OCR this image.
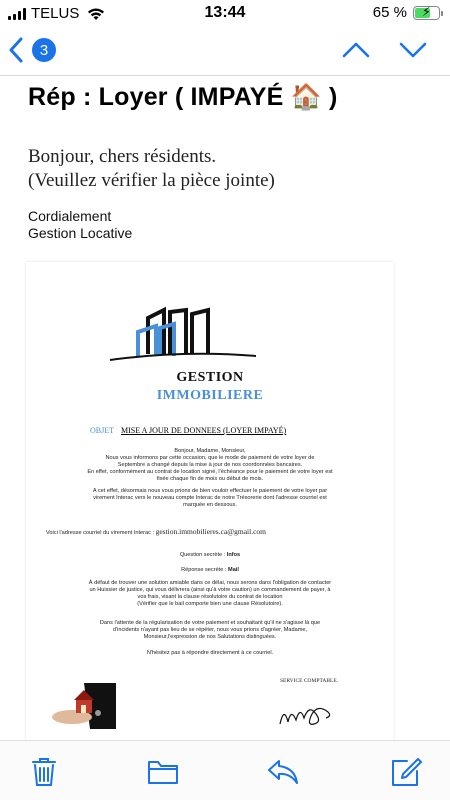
TELUS	13:44	65 %	⚡
3
Rép : Loyer ( IMPAYÉ 🏠 )
Bonjour, chers résidents.
(Veuillez vérifier la pièce jointe)
Cordialement
Gestion Locative
GESTION
IMMOBILIERE
OBJET MISE A JOUR DE DONNEES (LOYER IMPAYÉ)

Bonjour, Madame, Monsieur,

Nous vous informons par cette occasion, que le mode de paiement de votre loyer de

Septembre a changé depuis la mise à jour de nos coordonnées bancaires.

En effet, conformément au contrat de location signé, l'échéance pour le paiement de votre loyer est

fixée chaque fin de mois ou début de mois.

A cet effet, désormais nous vous prions de bien vouloir effectuer le paiement de votre loyer par

virement Interac vers le nouveau compte Interac de notre Trésorerie dont l'adresse courriel est

marquée en dessous.

Voici l'adresse courriel du virement Interac : gestion.immobilieres.ca@gmail.com
Question secrète : Infos
Réponse secrète : Mail

À défaut de trouver une solution amiable dans ce délai, nous serons dans l'obligation de contacter

un Huissier de justice, qui vous délivrera (ainsi qu'à votre caution) un commandement de payer, à

vos frais, visant la clause résolutoire du contrat de location

(Vérifier que le bail comporte bien une clause Résolutoire).

Dans l'attente de la régularisation de votre paiement et souhaitant qu'il ne s'agisse là que

d'incidents n'ayant pas lieu de se répéter, nous vous prions d'agréer, Madame,

Monsieur,l'expression de nos Salutations distinguées.

N'hésitez pas à répondre directement à ce courriel.

SERVICE COMPTABLE.
